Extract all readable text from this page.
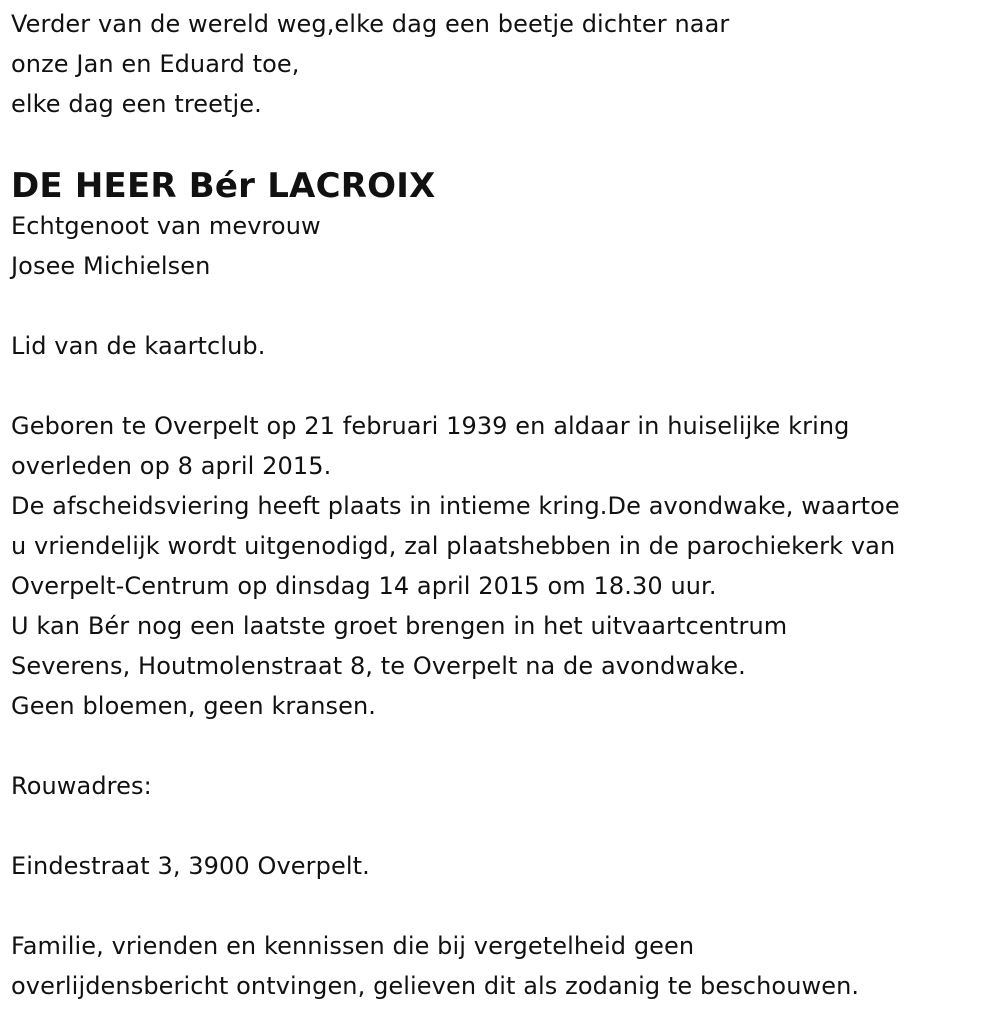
Verder van de wereld weg,elke dag een beetje dichter naar
onze Jan en Eduard toe,
elke dag een treetje.
DE HEER Bér LACROIX
Echtgenoot van mevrouw
Josee Michielsen
Lid van de kaartclub.
Geboren te Overpelt op 21 februari 1939 en aldaar in huiselijke kring
overleden op 8 april 2015.
De afscheidsviering heeft plaats in intieme kring.De avondwake, waartoe
u vriendelijk wordt uitgenodigd, zal plaatshebben in de parochiekerk van
Overpelt-Centrum op dinsdag 14 april 2015 om 18.30 uur.
U kan Bér nog een laatste groet brengen in het uitvaartcentrum
Severens, Houtmolenstraat 8, te Overpelt na de avondwake.
Geen bloemen, geen kransen.
Rouwadres:
Eindestraat 3, 3900 Overpelt.
Familie, vrienden en kennissen die bij vergetelheid geen
overlijdensbericht ontvingen, gelieven dit als zodanig te beschouwen.
